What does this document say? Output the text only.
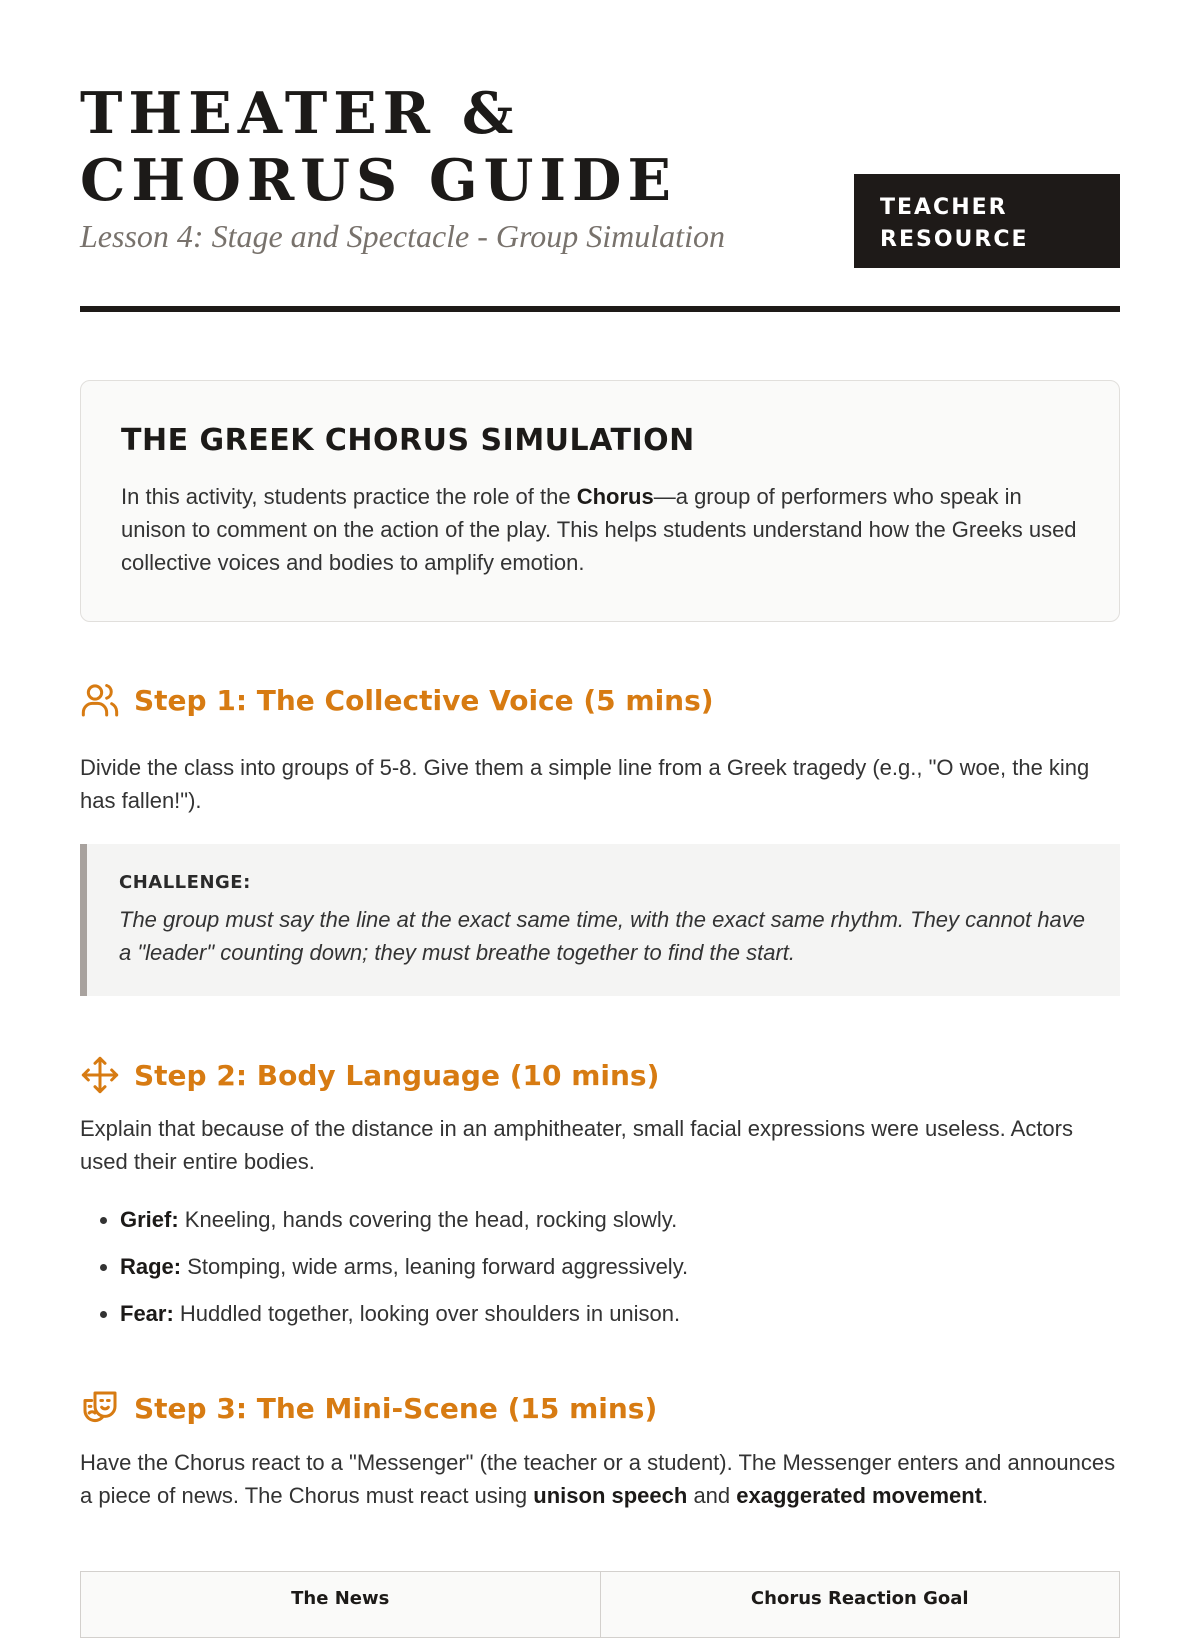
THEATER & CHORUS GUIDE
Lesson 4: Stage and Spectacle - Group Simulation
TEACHER RESOURCE
THE GREEK CHORUS SIMULATION

In this activity, students practice the role of the Chorus—a group of performers who speak in unison to comment on the action of the play. This helps students understand how the Greeks used collective voices and bodies to amplify emotion.

Step 1: The Collective Voice (5 mins)

Divide the class into groups of 5-8. Give them a simple line from a Greek tragedy (e.g., "O woe, the king has fallen!").

CHALLENGE:
The group must say the line at the exact same time, with the exact same rhythm. They cannot have a "leader" counting down; they must breathe together to find the start.
Step 2: Body Language (10 mins)

Explain that because of the distance in an amphitheater, small facial expressions were useless. Actors used their entire bodies.

• Grief: Kneeling, hands covering the head, rocking slowly.
• Rage: Stomping, wide arms, leaning forward aggressively.
• Fear: Huddled together, looking over shoulders in unison.
Step 3: The Mini-Scene (15 mins)

Have the Chorus react to a "Messenger" (the teacher or a student). The Messenger enters and announces a piece of news. The Chorus must react using unison speech and exaggerated movement.

The News	Chorus Reaction Goal
